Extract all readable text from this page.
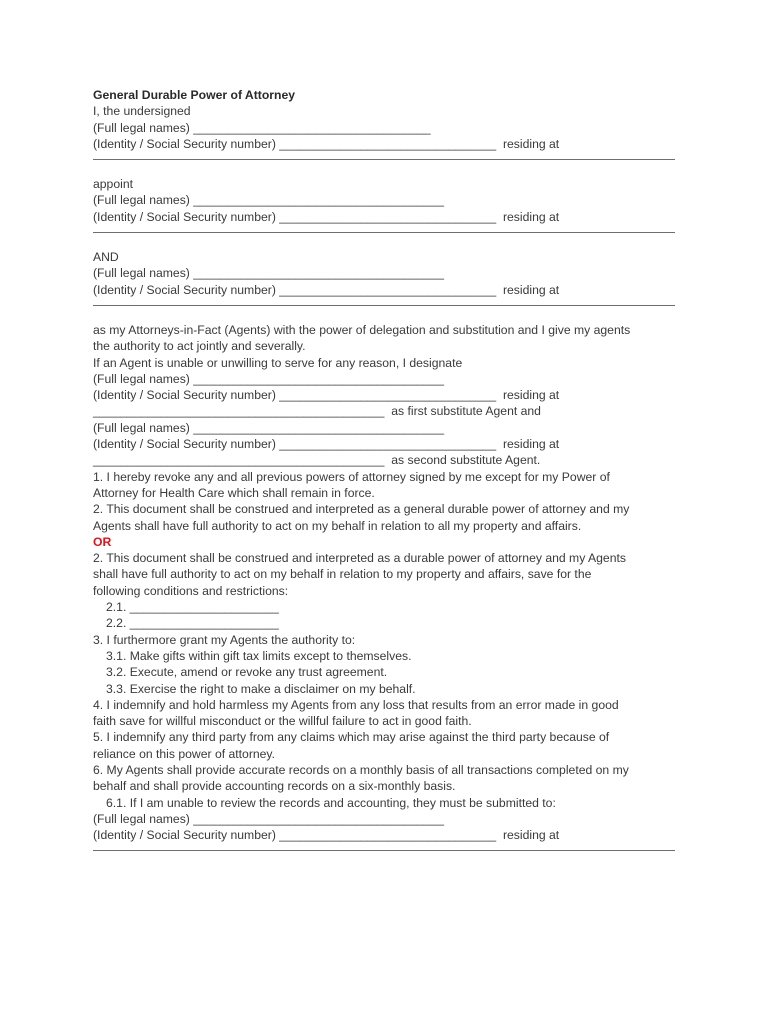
General Durable Power of Attorney
I, the undersigned
(Full legal names) ___________________________________
(Identity / Social Security number) ________________________________  residing at
appoint
(Full legal names) _____________________________________
(Identity / Social Security number) ________________________________  residing at
AND
(Full legal names) _____________________________________
(Identity / Social Security number) ________________________________  residing at
as my Attorneys-in-Fact (Agents) with the power of delegation and substitution and I give my agents
the authority to act jointly and severally.
If an Agent is unable or unwilling to serve for any reason, I designate
(Full legal names) _____________________________________
(Identity / Social Security number) ________________________________  residing at
___________________________________________  as first substitute Agent and
(Full legal names) _____________________________________
(Identity / Social Security number) ________________________________  residing at
___________________________________________  as second substitute Agent.
1. I hereby revoke any and all previous powers of attorney signed by me except for my Power of
Attorney for Health Care which shall remain in force.
2. This document shall be construed and interpreted as a general durable power of attorney and my
Agents shall have full authority to act on my behalf in relation to all my property and affairs.
OR
2. This document shall be construed and interpreted as a durable power of attorney and my Agents
shall have full authority to act on my behalf in relation to my property and affairs, save for the
following conditions and restrictions:
2.1. ______________________
2.2. ______________________
3. I furthermore grant my Agents the authority to:
3.1. Make gifts within gift tax limits except to themselves.
3.2. Execute, amend or revoke any trust agreement.
3.3. Exercise the right to make a disclaimer on my behalf.
4. I indemnify and hold harmless my Agents from any loss that results from an error made in good
faith save for willful misconduct or the willful failure to act in good faith.
5. I indemnify any third party from any claims which may arise against the third party because of
reliance on this power of attorney.
6. My Agents shall provide accurate records on a monthly basis of all transactions completed on my
behalf and shall provide accounting records on a six-monthly basis.
6.1. If I am unable to review the records and accounting, they must be submitted to:
(Full legal names) _____________________________________
(Identity / Social Security number) ________________________________  residing at
